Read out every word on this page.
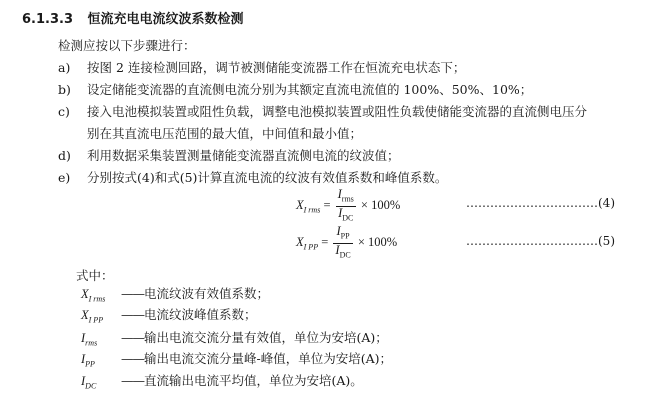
6.1.3.3 恒流充电电流纹波系数检测
检测应按以下步骤进行：
a) 按图 2 连接检测回路，调节被测储能变流器工作在恒流充电状态下；
b) 设定储能变流器的直流侧电流分别为其额定直流电流值的 100%、50%、10%；
c) 接入电池模拟装置或阻性负载，调整电池模拟装置或阻性负载使储能变流器的直流侧电压分
别在其直流电压范围的最大值，中间值和最小值；
d) 利用数据采集装置测量储能变流器直流侧电流的纹波值；
e) 分别按式(4)和式(5)计算直流电流的纹波有效值系数和峰值系数。
$X_{I rms} = \frac{I_{rms}}{I_{DC}} \times 100\%$	……………………………(4)
$X_{I PP} = \frac{I_{PP}}{I_{DC}} \times 100\%$	……………………………(5)
式中：
$X_{I rms}$ ——电流纹波有效值系数；
$X_{I PP}$ ——电流纹波峰值系数；
$I_{rms}$ ——输出电流交流分量有效值，单位为安培(A)；
$I_{PP}$ ——输出电流交流分量峰-峰值，单位为安培(A)；
$I_{DC}$ ——直流输出电流平均值，单位为安培(A)。
